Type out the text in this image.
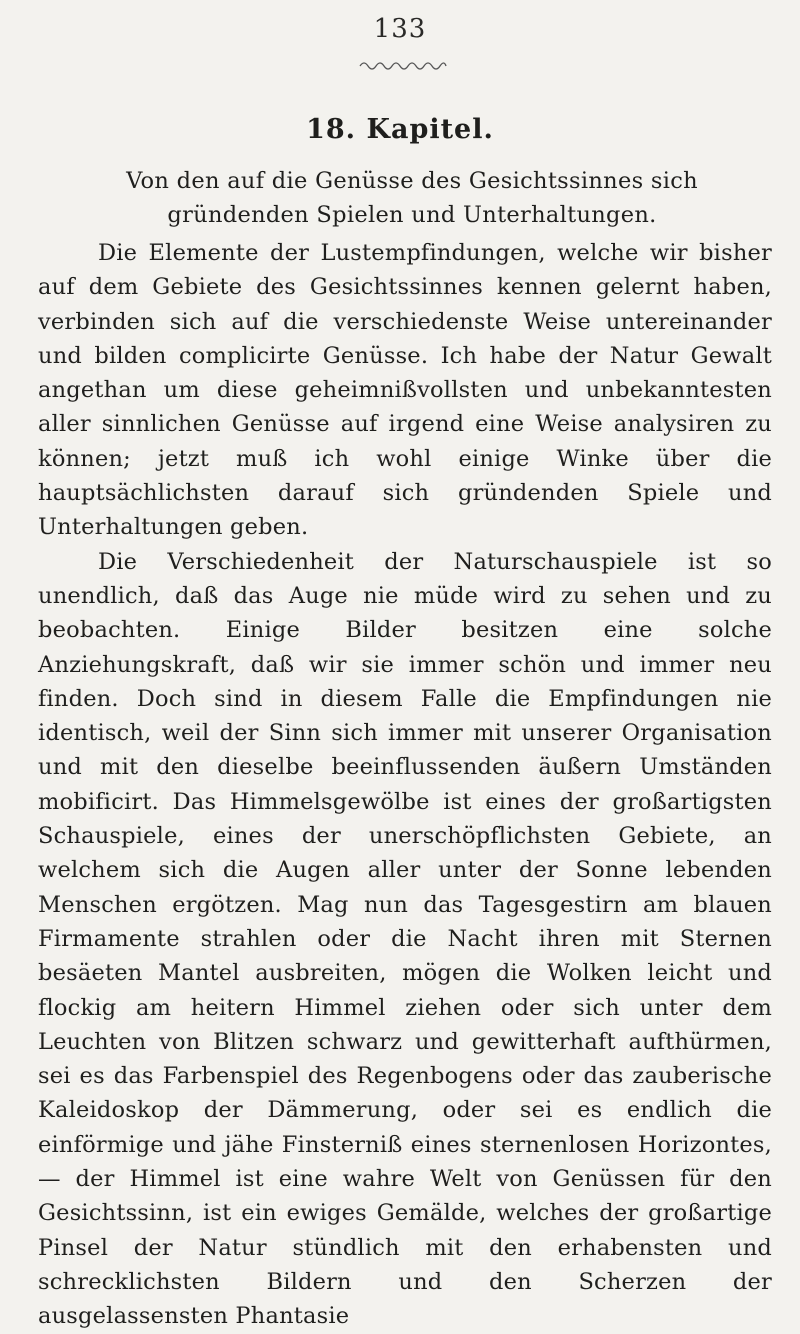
133
18. Kapitel.
Von den auf die Genüsse des Gesichtssinnes sich gründenden Spielen und Unterhaltungen.

Die Elemente der Lustempfindungen, welche wir bisher auf dem Gebiete des Gesichtssinnes kennen gelernt haben, verbinden sich auf die verschiedenste Weise untereinander und bilden complicirte Genüsse. Ich habe der Natur Gewalt angethan um diese geheimnißvollsten und unbekanntesten aller sinnlichen Genüsse auf irgend eine Weise analysiren zu können; jetzt muß ich wohl einige Winke über die hauptsächlichsten darauf sich gründenden Spiele und Unterhaltungen geben.

Die Verschiedenheit der Naturschauspiele ist so unendlich, daß das Auge nie müde wird zu sehen und zu beobachten. Einige Bilder besitzen eine solche Anziehungskraft, daß wir sie immer schön und immer neu finden. Doch sind in diesem Falle die Empfindungen nie identisch, weil der Sinn sich immer mit unserer Organisation und mit den dieselbe beeinflussenden äußern Umständen mobificirt. Das Himmelsgewölbe ist eines der großartigsten Schauspiele, eines der unerschöpflichsten Gebiete, an welchem sich die Augen aller unter der Sonne lebenden Menschen ergötzen. Mag nun das Tagesgestirn am blauen Firmamente strahlen oder die Nacht ihren mit Sternen besäeten Mantel ausbreiten, mögen die Wolken leicht und flockig am heitern Himmel ziehen oder sich unter dem Leuchten von Blitzen schwarz und gewitterhaft aufthürmen, sei es das Farbenspiel des Regenbogens oder das zauberische Kaleidoskop der Dämmerung, oder sei es endlich die einförmige und jähe Finsterniß eines sternenlosen Horizontes, — der Himmel ist eine wahre Welt von Genüssen für den Gesichtssinn, ist ein ewiges Gemälde, welches der großartige Pinsel der Natur stündlich mit den erhabensten und schrecklichsten Bildern und den Scherzen der ausgelassensten Phantasie
